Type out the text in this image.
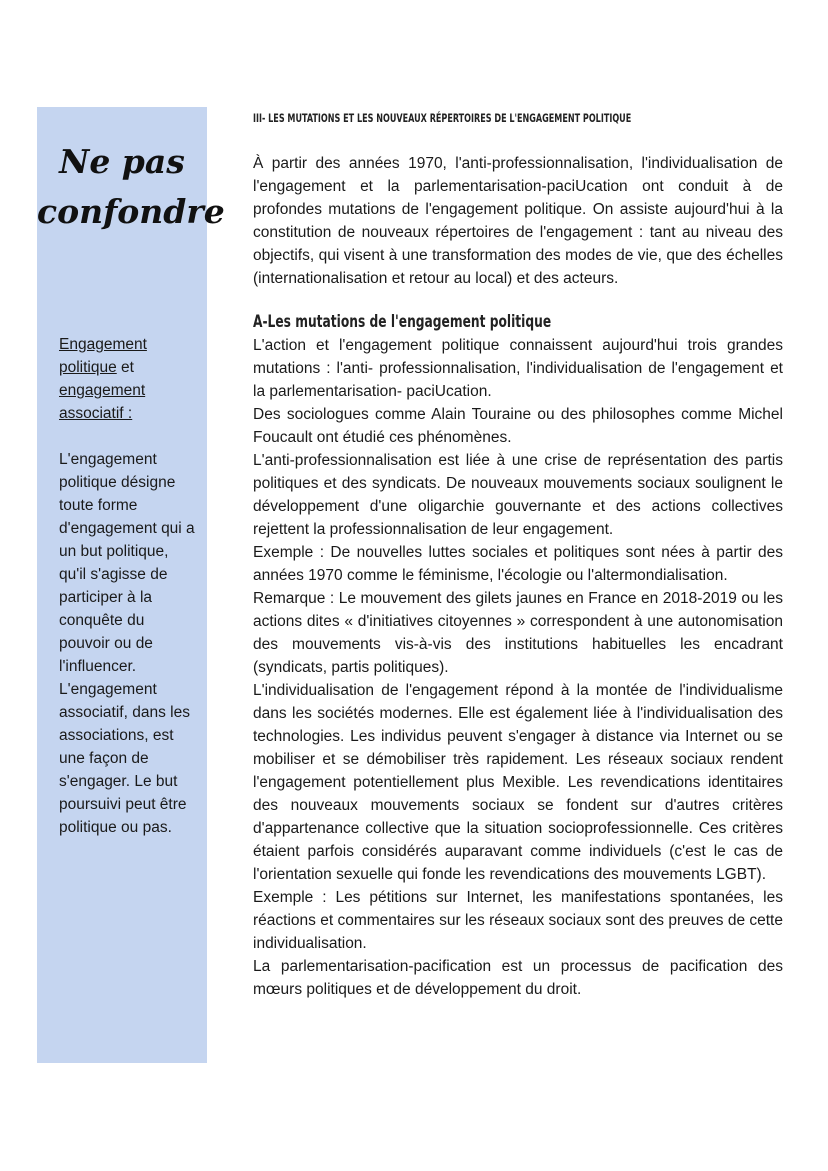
Ne pas
confondre

Engagement
politique et
engagement
associatif :

L'engagement politique désigne toute forme d'engagement qui a un but politique, qu'il s'agisse de participer à la conquête du pouvoir ou de l'influencer. L'engagement associatif, dans les associations, est une façon de s'engager. Le but poursuivi peut être politique ou pas.

III- LES MUTATIONS ET LES NOUVEAUX RÉPERTOIRES DE L'ENGAGEMENT POLITIQUE

À partir des années 1970, l'anti-professionnalisation, l'individualisation de l'engagement et la parlementarisation-paciUcation ont conduit à de profondes mutations de l'engagement politique. On assiste aujourd'hui à la constitution de nouveaux répertoires de l'engagement : tant au niveau des objectifs, qui visent à une transformation des modes de vie, que des échelles (internationalisation et retour au local) et des acteurs.

A-Les mutations de l'engagement politique

L'action et l'engagement politique connaissent aujourd'hui trois grandes mutations : l'anti- professionnalisation, l'individualisation de l'engagement et la parlementarisation- paciUcation.

Des sociologues comme Alain Touraine ou des philosophes comme Michel Foucault ont étudié ces phénomènes.

L'anti-professionnalisation est liée à une crise de représentation des partis politiques et des syndicats. De nouveaux mouvements sociaux soulignent le développement d'une oligarchie gouvernante et des actions collectives rejettent la professionnalisation de leur engagement.

Exemple : De nouvelles luttes sociales et politiques sont nées à partir des années 1970 comme le féminisme, l'écologie ou l'altermondialisation.

Remarque : Le mouvement des gilets jaunes en France en 2018-2019 ou les actions dites « d'initiatives citoyennes » correspondent à une autonomisation des mouvements vis-à-vis des institutions habituelles les encadrant (syndicats, partis politiques).

L'individualisation de l'engagement répond à la montée de l'individualisme dans les sociétés modernes. Elle est également liée à l'individualisation des technologies. Les individus peuvent s'engager à distance via Internet ou se mobiliser et se démobiliser très rapidement. Les réseaux sociaux rendent l'engagement potentiellement plus Mexible. Les revendications identitaires des nouveaux mouvements sociaux se fondent sur d'autres critères d'appartenance collective que la situation socioprofessionnelle. Ces critères étaient parfois considérés auparavant comme individuels (c'est le cas de l'orientation sexuelle qui fonde les revendications des mouvements LGBT).

Exemple : Les pétitions sur Internet, les manifestations spontanées, les réactions et commentaires sur les réseaux sociaux sont des preuves de cette individualisation.

La parlementarisation-pacification est un processus de pacification des mœurs politiques et de développement du droit.
